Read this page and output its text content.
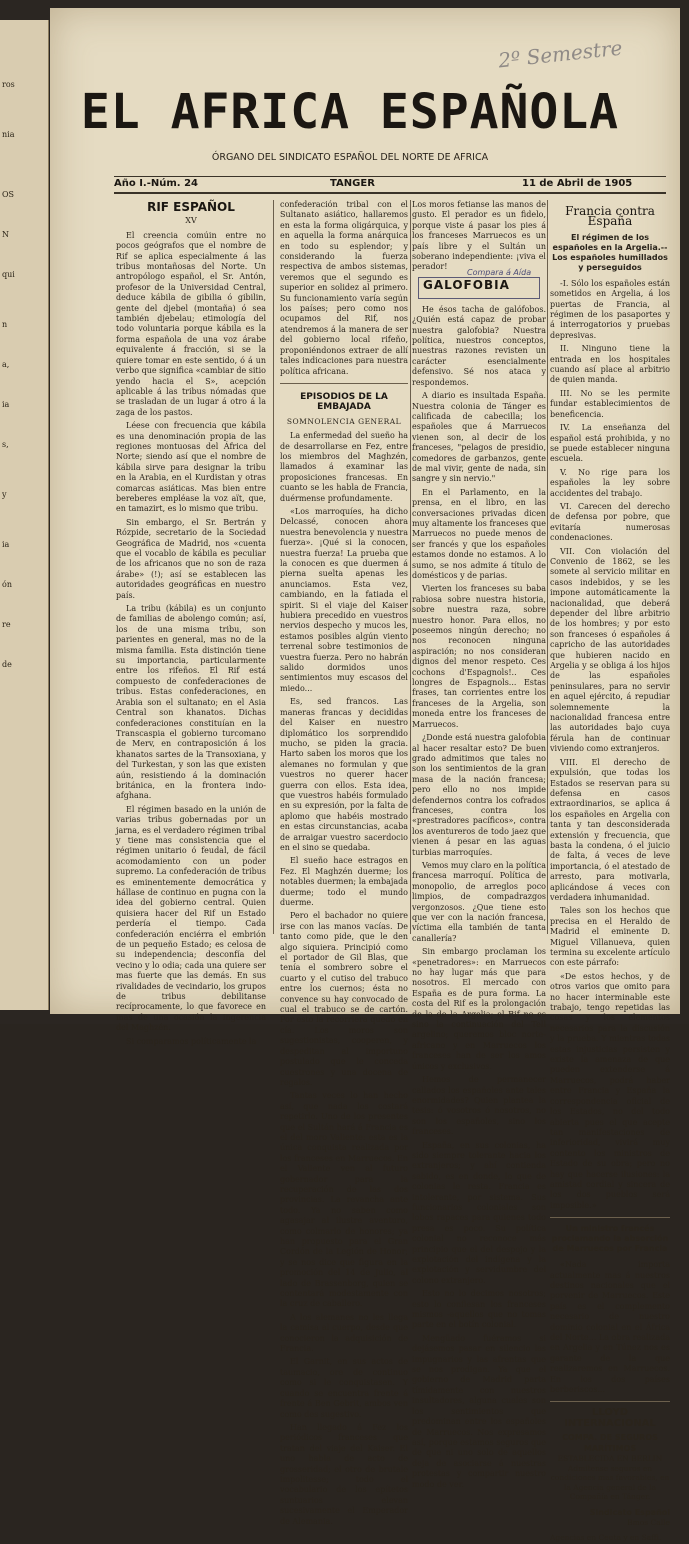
ros
nia
OS
N
qui
n
a,
ia
s,
y
ia
ón
re
de
2º Semestre
EL AFRICA ESPAÑOLA
ÓRGANO DEL SINDICATO ESPAÑOL DEL NORTE DE AFRICA
Año I.-Núm. 24	TANGER	11 de Abril de 1905
RIF ESPAÑOL
XV

El creencia comúin entre no pocos geógrafos que el nombre de Rif se aplica especialmente á las tribus montañosas del Norte. Un antropólogo español, el Sr. Antón, profesor de la Universidad Central, deduce kábila de gibilia ó gibilin, gente del djebel (montaña) ó sea también djebelau; etimología del todo voluntaria porque kábila es la forma española de una voz árabe equivalente á fracción, si se la quiere tomar en este sentido, ó á un verbo que significa «cambiar de sitio yendo hacia el S», acepción aplicable á las tribus nómadas que se trasladan de un lugar á otro á la zaga de los pastos.

Léese con frecuencia que kábila es una denominación propia de las regiones montuosas del África del Norte; siendo así que el nombre de kábila sirve para designar la tribu en la Arabia, en el Kurdistan y otras comarcas asiáticas. Mas bien entre bereberes empléase la voz aït, que, en tamazirt, es lo mismo que tribu.

Sin embargo, el Sr. Bertrán y Rózpide, secretario de la Sociedad Geográfica de Madrid, nos «cuenta que el vocablo de kábila es peculiar de los africanos que no son de raza árabe» (!); así se establecen las autoridades geográficas en nuestro país.

La tribu (kábila) es un conjunto de familias de abolengo común; así, los de una misma tribu, son parientes en general, mas no de la misma familia. Esta distinción tiene su importancia, particularmente entre los rifeños. El Rif está compuesto de confederaciones de tribus. Estas confederaciones, en Arabia son el sultanato; en el Asia Central son khanatos. Dichas confederaciones constituían en la Transcaspia el gobierno turcomano de Merv, en contraposición á los khanatos sartes de la Transoxiana, y del Turkestan, y son las que existen aún, resistiendo á la dominación británica, en la frontera indo-afghana.

El régimen basado en la unión de varias tribus gobernadas por un jarna, es el verdadero régimen tribal y tiene mas consistencia que el régimen unitario ó feudal, de fácil acomodamiento con un poder supremo. La confederación de tribus es eminentemente democrática y hállase de continuo en pugna con la idea del gobierno central. Quien quisiera hacer del Rif un Estado perdería el tiempo. Cada confederación enciérra el embrión de un pequeño Estado; es celosa de su independencia; desconfía del vecino y lo odia; cada una quiere ser mas fuerte que las demás. En sus rivalidades de vecindario, los grupos de tribus debilitanse recíprocamente, lo que favorece en mas de una ocasión la ingerencia del Maghzén.

Si comparamos políticamente la

confederación tribal con el Sultanato asiático, hallaremos en esta la forma oligárquica, y en aquella la forma anárquica en todo su esplendor; y considerando la fuerza respectiva de ambos sistemas, veremos que el segundo es superior en solidez al primero. Su funcionamiento varía según los países; pero como nos ocupamos del Rif, nos atendremos á la manera de ser del gobierno local rifeño, proponiéndonos extraer de allí tales indicaciones para nuestra política africana.

EPISODIOS DE LA EMBAJADA
SOMNOLENCIA GENERAL

La enfermedad del sueño ha de desarrollarse en Fez, entre los miembros del Maghzén, llamados á examinar las proposiciones francesas. En cuanto se les habla de Francia, duérmense profundamente.

«Los marroquíes, ha dicho Delcassé, conocen ahora nuestra benevolencia y nuestra fuerza». ¡Qué si la conocen, nuestra fuerza! La prueba que la conocen es que duermen á pierna suelta apenas les anunciamos. Esta vez, cambiando, en la fatiada el spirit. Si el viaje del Kaiser hubiera precedido en vuestros nervios despecho y mucos les, estamos posibles algún viento terrenal sobre testimonios de vuestra fuerza. Pero no habrán salido dormidos unos sentimientos muy escasos del miedo...

Es, sed francos. Las maneras francas y decididas del Kaiser en nuestro diplomático los sorprendido mucho, se piden la gracia. Harto saben los moros que los alemanes no formulan y que vuestros no querer hacer guerra con ellos. Esta idea, que vuestros habéis formulado en su expresión, por la falta de aplomo que habéis mostrado en estas circunstancias, acaba de arraigar vuestro sacerdocio en el sino se quedaba.

El sueño hace estragos en Fez. El Maghzén duerme; los notables duermen; la embajada duerme; todo el mundo duerme.

Pero el bachador no quiere irse con las manos vacías. De tanto como pide, que le den algo siquiera. Principió como el portador de Gil Blas, que tenía el sombrero sobre el cuarto y el cutiso del trabuco entre los cuernos; ésta no convence su hay convocado de cual el trabuco se de cartón. Por esto la recorriera quedo en cía. Los moros son sugestionistas, cooperen, y despeditan al importuno postulado que le conceda cuestrones y una docena de regalos.

Tantas veces lo han hecho así, que nada los costará repetirlo. Uno de los presentes que el Sultán hará á Francia es el del moro Valiente: esta es la única conquista realizada por los franceses en Marruecos. En el Valiente ven al futuro gobernador para la recuperación de las dos provincias. La revancha ante todo. Ya no saben como agasajar al ilustre aventuro, como colmarlo de honores; ya han propuesto para el Gran Cordón de la Legión de Honor; y se nos dice que figura en la promoción del 14 de Julio, al lado de Brassenborg, quien se contentará modestamente con la cruz de caballero.

A los alemanes no les llega la camisa al cuerpo, desde que conocieron la adquisición de Francia.

El Garnit, en sus actos de taumacio, ore de continuo como si le conquistasen. Y cuando se encuentra frente á frente á Ben Gebrit, ambos ven como des sugestivo.

Han llegado á Fez los periódicos franceses que tratan del viaje del Kaiser. El uno habla de acto de grosseridad; el otro de brutale impolitesse; todo el vocabulario de los epítetos suntuarios elevan sucesivamente el Emperador de Alemania.

Los moros fetianse las manos de gusto. El perador es un fidelo, porque viste á pasar los pies á los franceses Marruecos es un país libre y el Sultán un soberano independiente: ¡viva el perador!

GALOFOBIA
Compara á Aída

He ésos tacha de galófobos. ¿Quién está capaz de probar nuestra galofobia? Nuestra política, nuestros conceptos, nuestras razones revisten un carácter esencialmente defensivo. Sé nos ataca y respondemos.

A diario es insultada España. Nuestra colonia de Tánger es calificada de cabecilla; los españoles que á Marruecos vienen son, al decir de los franceses, "pelagos de presidio, comedores de garbanzos, gente de mal vivir, gente de nada, sin sangre y sin nervio."

En el Parlamento, en la prensa, en el libro, en las conversaciones privadas dicen muy altamente los franceses que Marruecos no puede menos de ser francés y que los españoles estamos donde no estamos. A lo sumo, se nos admite á título de domésticos y de parias.

Vierten los franceses su baba rabiosa sobre nuestra historia, sobre nuestra raza, sobre nuestro honor. Para ellos, no poseemos ningún derecho; no nos reconocen ninguna aspiración; no nos consideran dignos del menor respeto. Ces cochons d'Espagnols!.. Ces longres de Espagnols... Estas frases, tan corrientes entre los franceses de la Argelia, son moneda entre los franceses de Marruecos.

¿Donde está nuestra galofobia al hacer resaltar esto? De buen grado admitimos que tales no son los sentimientos de la gran masa de la nación francesa; pero ello no nos impide defendernos contra los cofrados franceses, contra los «prestradores pacíficos», contra los aventureros de todo jaez que vienen á pesar en las aguas turbias marroquíes.

Vemos muy claro en la política francesa marroquí. Política de monopolio, de arreglos poco limpios, de compadrazgos vergonzosos. ¿Que tiene esto que ver con la nación francesa, víctima ella también de tanta canallería?

Sin embargo proclaman los «penetradores»: en Marruecos no hay lugar más que para nosotros. El mercado con España es de pura forma. La costa del Rif es la prolongación de la de la Argelia; el Rif no es sino la continuación del Tell argelino; queremos bloc norte-africano y en Marruecos los franceses han de ser los amos únicos y exclusivos.

Hemos de permanecer callados los españoles ante tales enormidades? Quien plantea la tesis: ó vosotros ó nosotros, no son los españoles, sino los franceses.

España, en sus colonias, ha sido siempre tolerante hacia los extranjeros; y ahí contienda sabido, es en donde, lo que de colonias le resta. Francia es intolerante, por sistema. Sus funcionarios coloniales son lobos rapaces para quienes todo presa es poco. Su política colonial no reconoce más principio que el del despojo y la explotación del indígena y la explotación y servidumbre del colono extranjero.

Esto no lo decimos nosotros; esto lo confiesan los franceses mismos -aquellos que no tomas parte en el botín colonial.

Mengüado fuéramos si dejásemos pasar en silencio las impugnarios y las afrentas que se nos prodigan. Ya que el gobierno de Madrid parta tímidamente con nuestros insultadores, alguna cuales son los sentimientos que predominan entre los españoles de Marruecos. Nos expresamos así, porque estamos seguros que de que ni uno solo de aquellos deja de asociarse á nuestras protestas y compartir nuestro modo de ver.

Francia contra España
El régimen de los españoles en la Argelia.--Los españoles humillados y perseguidos

-I. Sólo los españoles están sometidos en Argelia, á los puertas de Francia, al régimen de los pasaportes y á interrogatorios y pruebas depresivas.

II. Ninguno tiene la entrada en los hospitales cuando así place al arbitrio de quien manda.

III. No se les permite fundar establecimientos de beneficencia.

IV. La enseñanza del español está prohibida, y no se puede establecer ninguna escuela.

V. No rige para los españoles la ley sobre accidentes del trabajo.

VI. Carecen del derecho de defensa por pobre, que evitaría numerosas condenaciones.

VII. Con violación del Convenio de 1862, se les somete al servicio militar en casos indebidos, y se les impone automáticamente la nacionalidad, que deberá depender del libre arbitrio de los hombres; y por esto son franceses ó españoles á capricho de las autoridades que hubieren nacido en Argelia y se obliga á los hijos de las españoles peninsulares, para no servir en aquel ejército, á repudiar solemnemente la nacionalidad francesa entre las autoridades bajo cuya férula han de continuar viviendo como extranjeros.

VIII. El derecho de expulsión, que todas los Estados se reservan para su defensa en casos extraordinarios, se aplica á los españoles en Argelia con tanta y tan desconsiderada extensión y frecuencia, que basta la condena, ó el juicio de falta, á veces de leve importancia, ó el atestado de arresto, para motivarla, aplicándose á veces con verdadera inhumanidad.

Tales son los hechos que precisa en el Heraldo de Madrid el eminente D. Miguel Villanueva, quien termina su excelente artículo con este párrafo:

«De estos hechos, y de otros varios que omito para no hacer interminable este trabajo, tengo repetidas las cosas y los elementos necesarios para la discusión y la prueba. Y mientras todas estas injusticias persisten y existe la amenaza de que pueden extenderse á Marruecos, podrá haber entre Francia y España la correspondencia oficial de los Estados, no del todo abierta pues el que acepte tan manifestaciones de inferioridad, vivirá muy contento los ministros de Estado de su obra; pero no hay que hacerse ilusiones: la amistad cordial y sincera de los dos pueblos será imposible.»

Un ministro francés proclamando la absorción de Marruecos por Francia

«Nada importa actualmente mas á nuestros destinos nacionales que el porvenir de Marruecos. Este país es el complemento necesario de nuestro dominio colonial en el África del Norte... La obra realizada en Argelia y en Túnez nos es garante de la que realizaremos en Marruecos. En los dos países berberiscos...

LLOYD INTERNACIONAL
COMPA. DE SEGUROS MARÍTIMOS
ESTABLECIDA EN BERLIN
Admitense seguros en condiciones mas favorables, en la Agencia general de la Compañía en Tánger.
Sindicato Español
Bmos Calle
Agencias en Ceuta y en Saffi.
